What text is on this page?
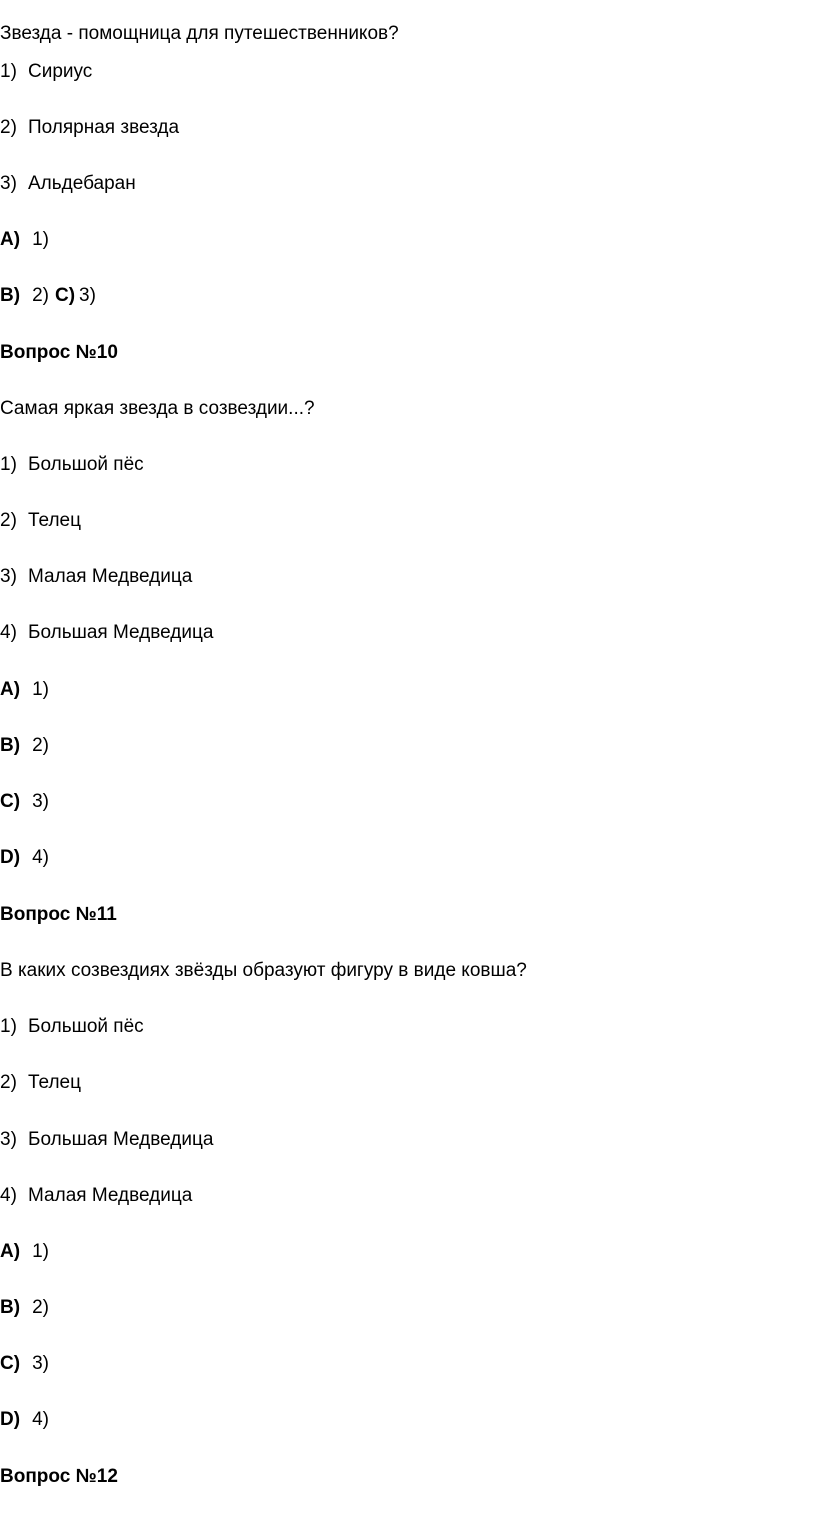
Звезда - помощница для путешественников?
1) Сириус
2) Полярная звезда
3) Альдебаран
A) 1)
B) 2) C) 3)
Вопрос №10
Самая яркая звезда в созвездии...?
1) Большой пёс
2) Телец
3) Малая Медведица
4) Большая Медведица
A) 1)
B) 2)
C) 3)
D) 4)
Вопрос №11
В каких созвездиях звёзды образуют фигуру в виде ковша?
1) Большой пёс
2) Телец
3) Большая Медведица
4) Малая Медведица
A) 1)
B) 2)
C) 3)
D) 4)
Вопрос №12
